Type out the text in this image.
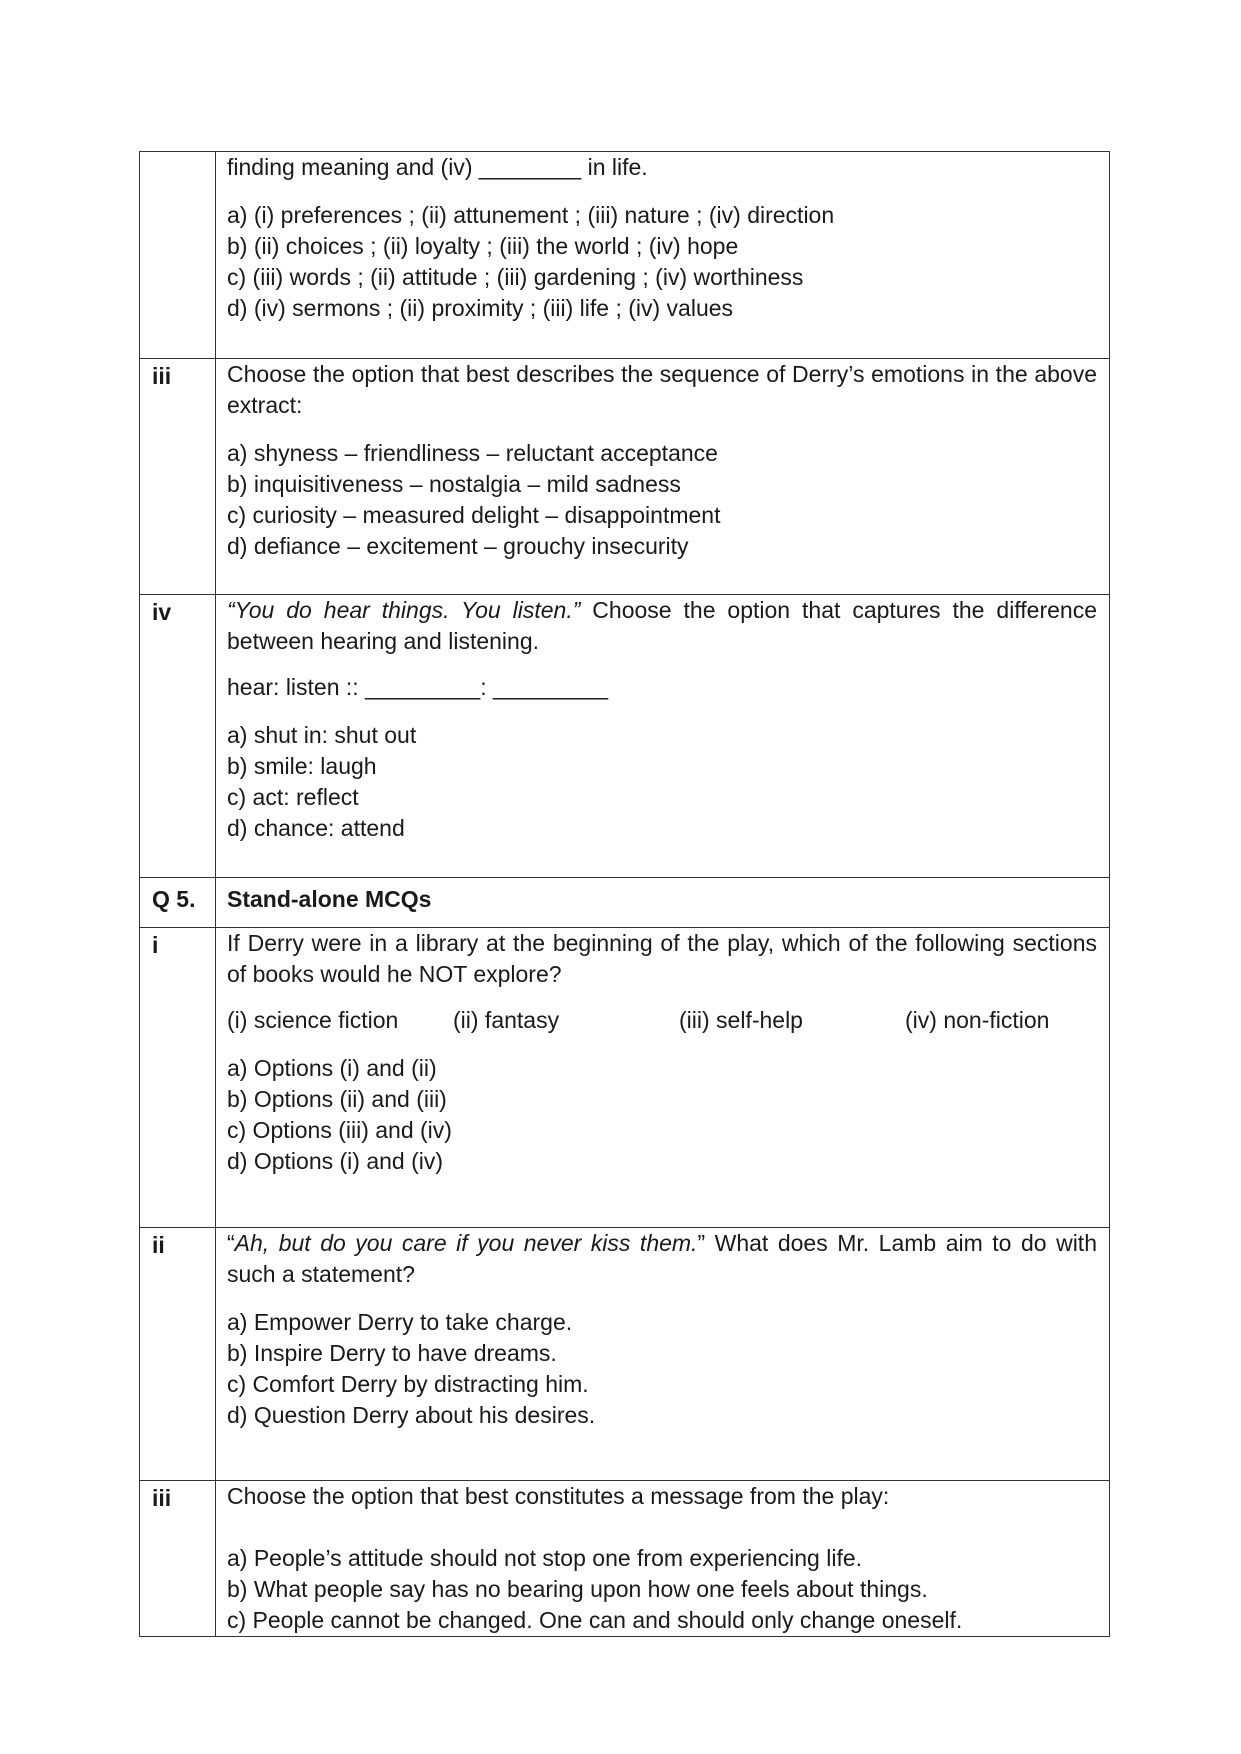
finding meaning and (iv) ________ in life.

a) (i) preferences ; (ii) attunement ; (iii) nature ; (iv) direction
b) (ii) choices ; (ii) loyalty ; (iii) the world ; (iv) hope
c) (iii) words ; (ii) attitude ; (iii) gardening ; (iv) worthiness
d) (iv) sermons ; (ii) proximity ; (iii) life ; (iv) values
iii	Choose the option that best describes the sequence of Derry’s emotions in the above extract:

a) shyness – friendliness – reluctant acceptance
b) inquisitiveness – nostalgia – mild sadness
c) curiosity – measured delight – disappointment
d) defiance – excitement – grouchy insecurity
iv	“You do hear things. You listen.” Choose the option that captures the difference between hearing and listening.

hear: listen :: _________: _________

a) shut in: shut out
b) smile: laugh
c) act: reflect
d) chance: attend
Q 5.	Stand-alone MCQs
i	If Derry were in a library at the beginning of the play, which of the following sections of books would he NOT explore?

(i) science fiction	(ii) fantasy	(iii) self-help	(iv) non-fiction
a) Options (i) and (ii)
b) Options (ii) and (iii)
c) Options (iii) and (iv)
d) Options (i) and (iv)
ii	“Ah, but do you care if you never kiss them.” What does Mr. Lamb aim to do with such a statement?

a) Empower Derry to take charge.
b) Inspire Derry to have dreams.
c) Comfort Derry by distracting him.
d) Question Derry about his desires.
iii	Choose the option that best constitutes a message from the play:

a) People’s attitude should not stop one from experiencing life.
b) What people say has no bearing upon how one feels about things.
c) People cannot be changed. One can and should only change oneself.
